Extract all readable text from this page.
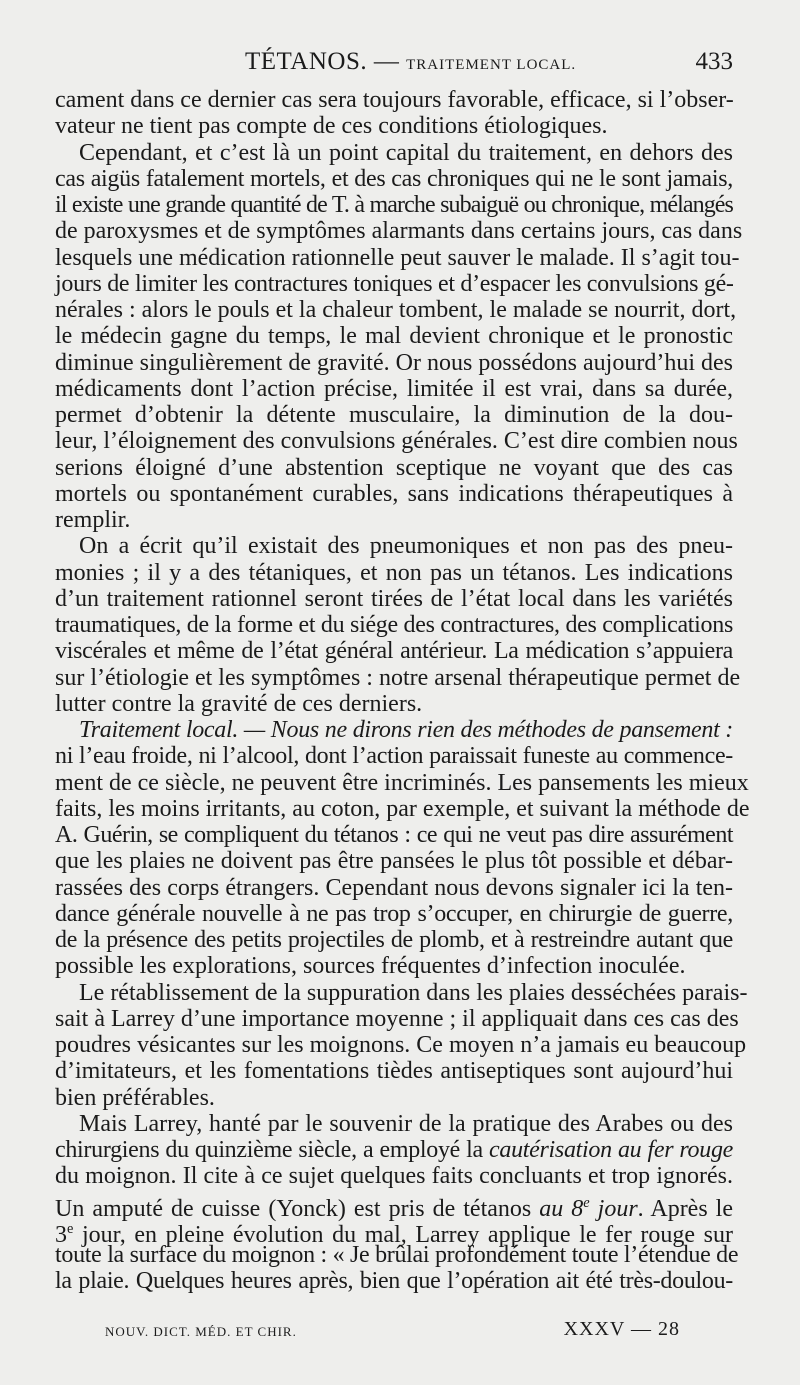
TÉTANOS. — TRAITEMENT LOCAL.	433
cament dans ce dernier cas sera toujours favorable, efficace, si l’obser-
vateur ne tient pas compte de ces conditions étiologiques.
Cependant, et c’est là un point capital du traitement, en dehors des
cas aigüs fatalement mortels, et des cas chroniques qui ne le sont jamais,
il existe une grande quantité de T. à marche subaiguë ou chronique, mélangés
de paroxysmes et de symptômes alarmants dans certains jours, cas dans
lesquels une médication rationnelle peut sauver le malade. Il s’agit tou-
jours de limiter les contractures toniques et d’espacer les convulsions gé-
nérales : alors le pouls et la chaleur tombent, le malade se nourrit, dort,
le médecin gagne du temps, le mal devient chronique et le pronostic
diminue singulièrement de gravité. Or nous possédons aujourd’hui des
médicaments dont l’action précise, limitée il est vrai, dans sa durée,
permet d’obtenir la détente musculaire, la diminution de la dou-
leur, l’éloignement des convulsions générales. C’est dire combien nous
serions éloigné d’une abstention sceptique ne voyant que des cas
mortels ou spontanément curables, sans indications thérapeutiques à
remplir.
On a écrit qu’il existait des pneumoniques et non pas des pneu-
monies ; il y a des tétaniques, et non pas un tétanos. Les indications
d’un traitement rationnel seront tirées de l’état local dans les variétés
traumatiques, de la forme et du siége des contractures, des complications
viscérales et même de l’état général antérieur. La médication s’appuiera
sur l’étiologie et les symptômes : notre arsenal thérapeutique permet de
lutter contre la gravité de ces derniers.
Traitement local. — Nous ne dirons rien des méthodes de pansement :
ni l’eau froide, ni l’alcool, dont l’action paraissait funeste au commence-
ment de ce siècle, ne peuvent être incriminés. Les pansements les mieux
faits, les moins irritants, au coton, par exemple, et suivant la méthode de
A. Guérin, se compliquent du tétanos : ce qui ne veut pas dire assurément
que les plaies ne doivent pas être pansées le plus tôt possible et débar-
rassées des corps étrangers. Cependant nous devons signaler ici la ten-
dance générale nouvelle à ne pas trop s’occuper, en chirurgie de guerre,
de la présence des petits projectiles de plomb, et à restreindre autant que
possible les explorations, sources fréquentes d’infection inoculée.
Le rétablissement de la suppuration dans les plaies desséchées parais-
sait à Larrey d’une importance moyenne ; il appliquait dans ces cas des
poudres vésicantes sur les moignons. Ce moyen n’a jamais eu beaucoup
d’imitateurs, et les fomentations tièdes antiseptiques sont aujourd’hui
bien préférables.
Mais Larrey, hanté par le souvenir de la pratique des Arabes ou des
chirurgiens du quinzième siècle, a employé la cautérisation au fer rouge
du moignon. Il cite à ce sujet quelques faits concluants et trop ignorés.
Un amputé de cuisse (Yonck) est pris de tétanos au 8e jour. Après le
3e jour, en pleine évolution du mal, Larrey applique le fer rouge sur
toute la surface du moignon : « Je brûlai profondément toute l’étendue de
la plaie. Quelques heures après, bien que l’opération ait été très-doulou-
NOUV. DICT. MÉD. ET CHIR.	XXXV — 28
